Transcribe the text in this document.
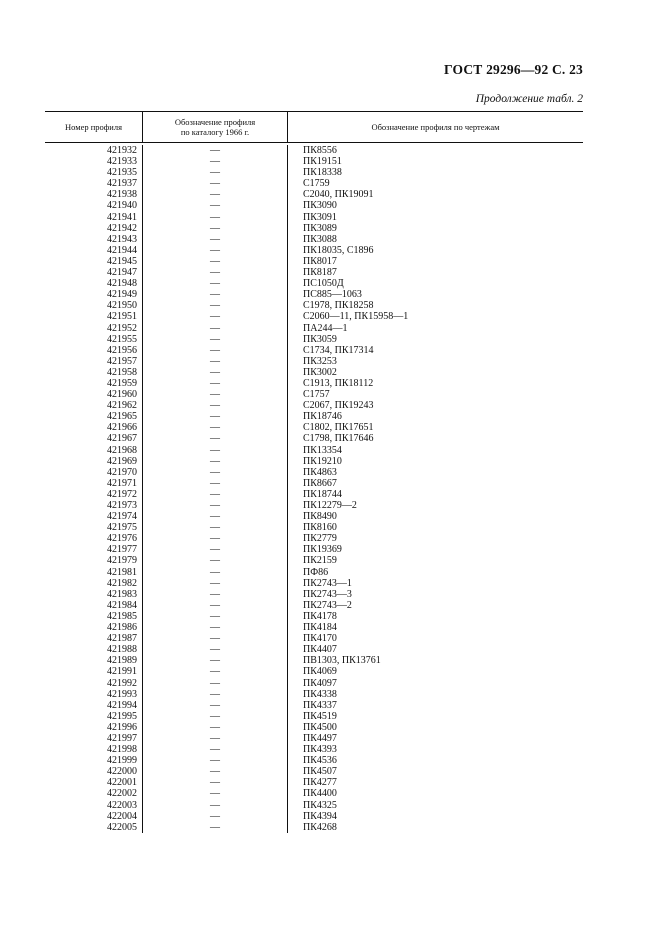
ГОСТ 29296—92 С. 23
Продолжение табл. 2
Номер профиля	Обозначение профиля
по каталогу 1966 г.	Обозначение профиля по чертежам
421932
421933
421935
421937
421938
421940
421941
421942
421943
421944
421945
421947
421948
421949
421950
421951
421952
421955
421956
421957
421958
421959
421960
421962
421965
421966
421967
421968
421969
421970
421971
421972
421973
421974
421975
421976
421977
421979
421981
421982
421983
421984
421985
421986
421987
421988
421989
421991
421992
421993
421994
421995
421996
421997
421998
421999
422000
422001
422002
422003
422004
422005
—
—
—
—
—
—
—
—
—
—
—
—
—
—
—
—
—
—
—
—
—
—
—
—
—
—
—
—
—
—
—
—
—
—
—
—
—
—
—
—
—
—
—
—
—
—
—
—
—
—
—
—
—
—
—
—
—
—
—
—
—
—
ПК8556
ПК19151
ПК18338
С1759
С2040, ПК19091
ПК3090
ПК3091
ПК3089
ПК3088
ПК18035, С1896
ПК8017
ПК8187
ПС1050Д
ПС885—1063
С1978, ПК18258
С2060—11, ПК15958—1
ПА244—1
ПК3059
С1734, ПК17314
ПК3253
ПК3002
С1913, ПК18112
С1757
С2067, ПК19243
ПК18746
С1802, ПК17651
С1798, ПК17646
ПК13354
ПК19210
ПК4863
ПК8667
ПК18744
ПК12279—2
ПК8490
ПК8160
ПК2779
ПК19369
ПК2159
ПФ86
ПК2743—1
ПК2743—3
ПК2743—2
ПК4178
ПК4184
ПК4170
ПК4407
ПВ1303, ПК13761
ПК4069
ПК4097
ПК4338
ПК4337
ПК4519
ПК4500
ПК4497
ПК4393
ПК4536
ПК4507
ПК4277
ПК4400
ПК4325
ПК4394
ПК4268
